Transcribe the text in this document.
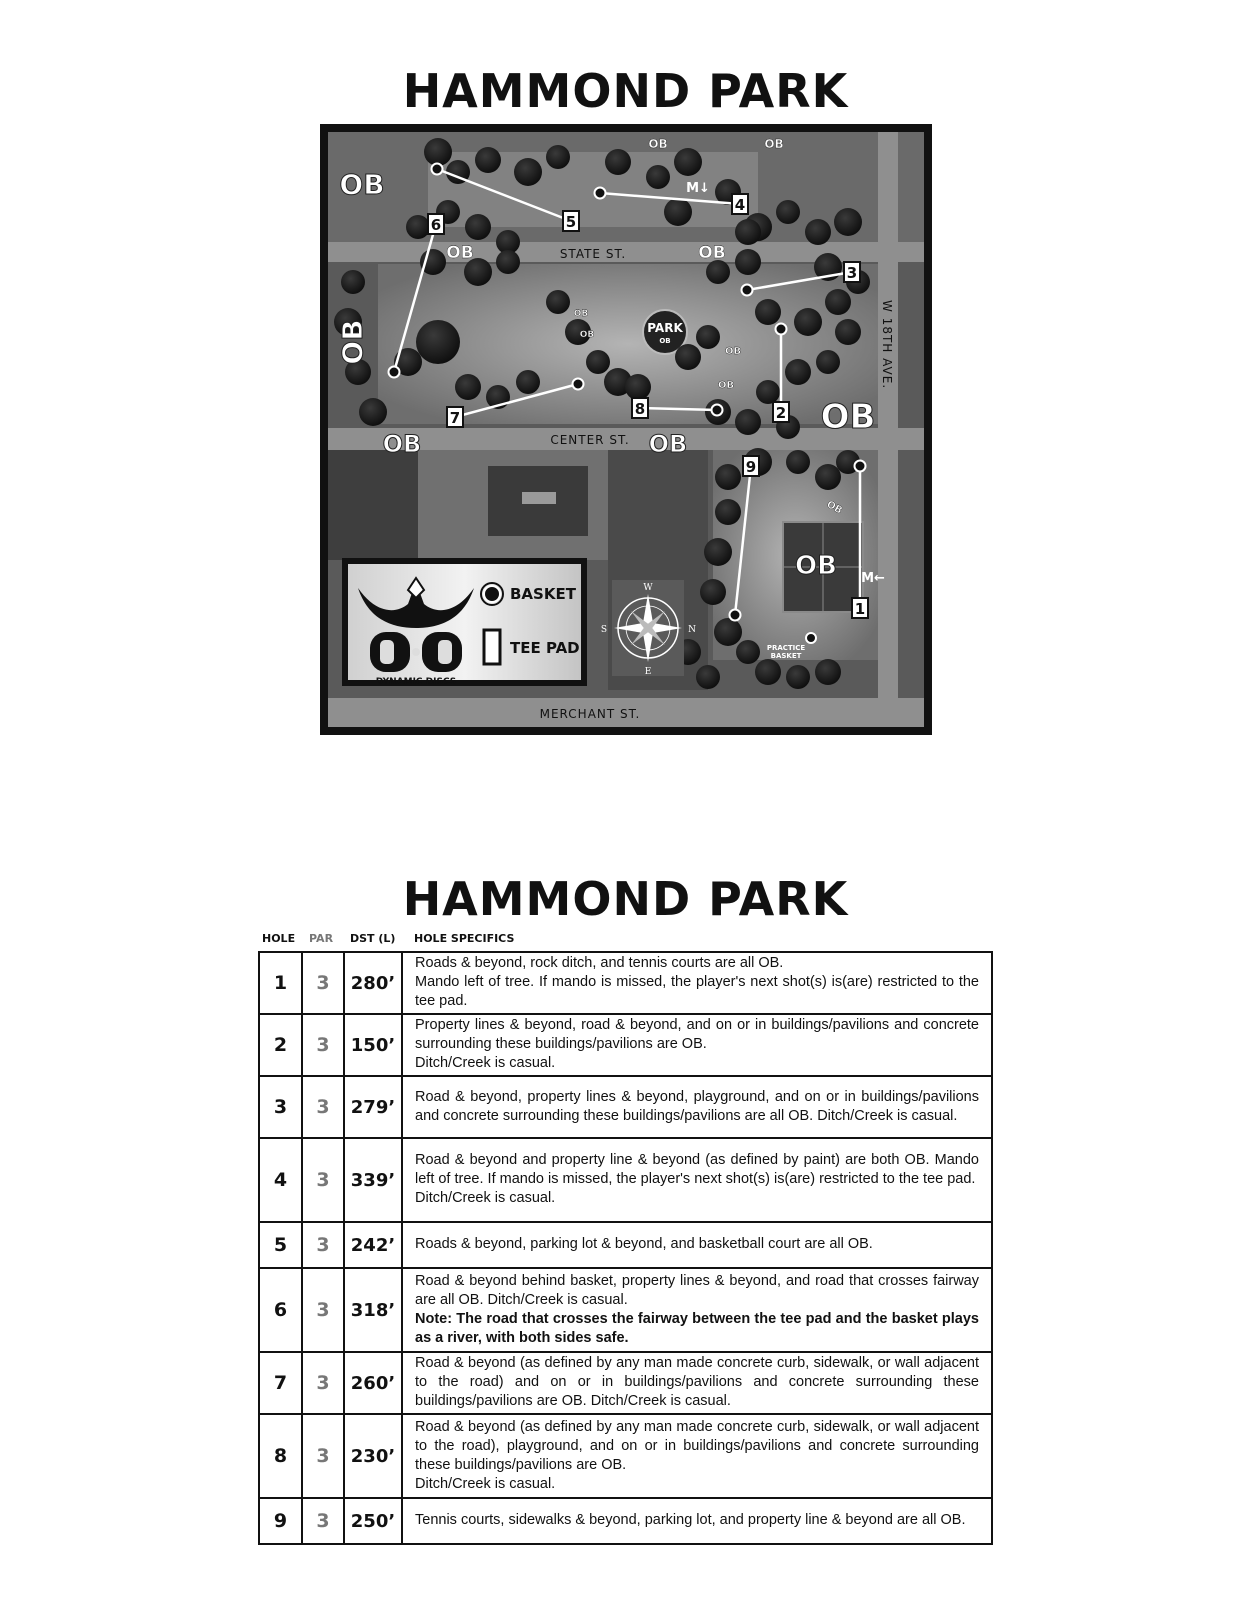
HAMMOND PARK
PARK
OB
1
2
3
4
5
6
7	8
9
OB
OB	OB
OB	OB
OB
OB
OB
OB
OB
OB
OB	OB
OB
OB
STATE ST.
CENTER ST.
MERCHANT ST.
W 18TH AVE.
M↓
M←
PRACTICE
BASKET
W
S	N
E
DYNAMIC DISCS
BASKET
TEE PAD
HAMMOND PARK
HOLE PAR DST (L) HOLE SPECIFICS
1	3	280’	Roads & beyond, rock ditch, and tennis courts are all OB.
Mando left of tree. If mando is missed, the player's next shot(s) is(are) restricted to the tee pad.

2	3	150’	Property lines & beyond, road & beyond, and on or in buildings/pavilions and concrete surrounding these buildings/pavilions are OB.
Ditch/Creek is casual.

3	3	279’	Road & beyond, property lines & beyond, playground, and on or in buildings/pavilions and concrete surrounding these buildings/pavilions are all OB. Ditch/Creek is casual.

4	3	339’	Road & beyond and property line & beyond (as defined by paint) are both OB. Mando left of tree. If mando is missed, the player's next shot(s) is(are) restricted to the tee pad.
Ditch/Creek is casual.

5	3	242’	Roads & beyond, parking lot & beyond, and basketball court are all OB.

6	3	318’	Road & beyond behind basket, property lines & beyond, and road that crosses fairway are all OB. Ditch/Creek is casual.
Note: The road that crosses the fairway between the tee pad and the basket plays as a river, with both sides safe.

7	3	260’	Road & beyond (as defined by any man made concrete curb, sidewalk, or wall adjacent to the road) and on or in buildings/pavilions and concrete surrounding these buildings/pavilions are OB. Ditch/Creek is casual.

8	3	230’	Road & beyond (as defined by any man made concrete curb, sidewalk, or wall adjacent to the road), playground, and on or in buildings/pavilions and concrete surrounding these buildings/pavilions are OB.
Ditch/Creek is casual.

9	3	250’	Tennis courts, sidewalks & beyond, parking lot, and property line & beyond are all OB.
